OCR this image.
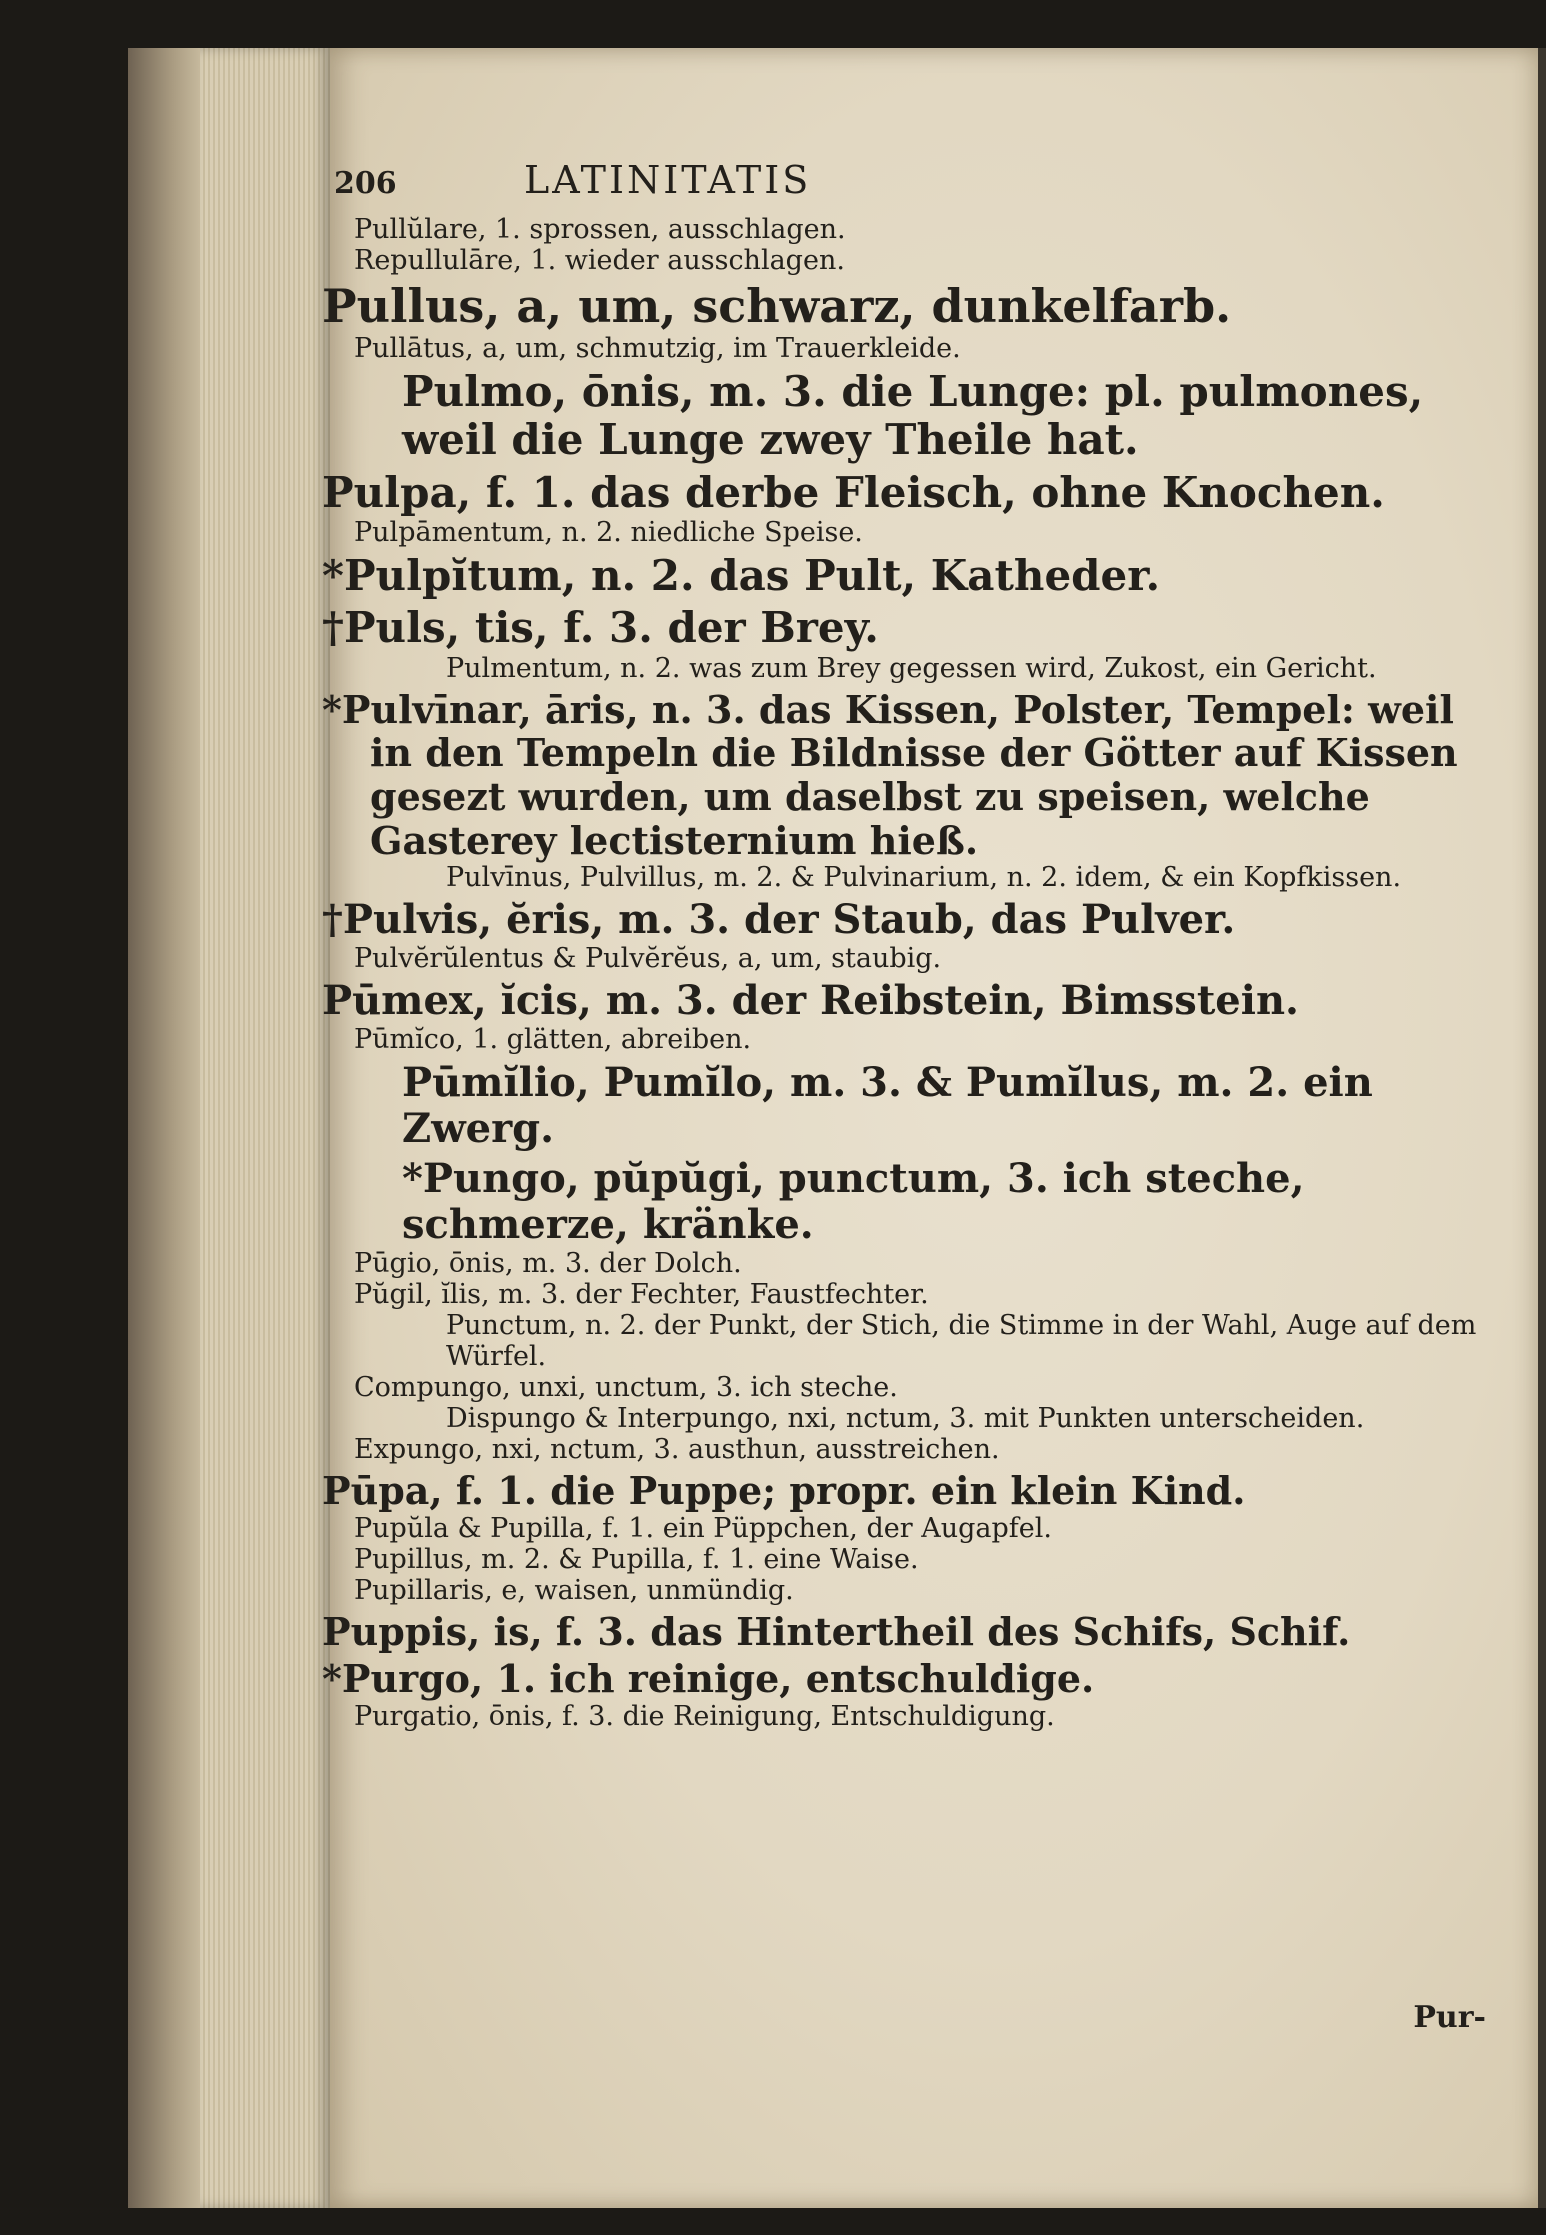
206	LATINITATIS
Pullŭlare, 1. sprossen, ausschlagen.
Repullulāre, 1. wieder ausschlagen.
Pullus, a, um, schwarz, dunkelfarb.
Pullātus, a, um, schmutzig, im Trauerkleide.
Pulmo, ōnis, m. 3. die Lunge: pl. pulmones, weil die Lunge zwey Theile hat.
Pulpa, f. 1. das derbe Fleisch, ohne Knochen.
Pulpāmentum, n. 2. niedliche Speise.
*Pulpĭtum, n. 2. das Pult, Katheder.
†Puls, tis, f. 3. der Brey.
Pulmentum, n. 2. was zum Brey gegessen wird, Zukost, ein Gericht.
*Pulvīnar, āris, n. 3. das Kissen, Polster, Tempel: weil in den Tempeln die Bildnisse der Götter auf Kissen gesezt wurden, um daselbst zu speisen, welche Gasterey lectisternium hieß.
Pulvīnus, Pulvillus, m. 2. & Pulvinarium, n. 2. idem, & ein Kopfkissen.
†Pulvis, ĕris, m. 3. der Staub, das Pulver.
Pulvĕrŭlentus & Pulvĕrĕus, a, um, staubig.
Pūmex, ĭcis, m. 3. der Reibstein, Bimsstein.
Pūmĭco, 1. glätten, abreiben.
Pūmĭlio, Pumĭlo, m. 3. & Pumĭlus, m. 2. ein Zwerg.
*Pungo, pŭpŭgi, punctum, 3. ich steche, schmerze, kränke.
Pūgio, ōnis, m. 3. der Dolch.
Pŭgil, ĭlis, m. 3. der Fechter, Faustfechter.
Punctum, n. 2. der Punkt, der Stich, die Stimme in der Wahl, Auge auf dem Würfel.
Compungo, unxi, unctum, 3. ich steche.
Dispungo & Interpungo, nxi, nctum, 3. mit Punkten unterscheiden.
Expungo, nxi, nctum, 3. austhun, ausstreichen.
Pūpa, f. 1. die Puppe; propr. ein klein Kind.
Pupŭla & Pupilla, f. 1. ein Püppchen, der Augapfel.
Pupillus, m. 2. & Pupilla, f. 1. eine Waise.
Pupillaris, e, waisen, unmündig.
Puppis, is, f. 3. das Hintertheil des Schifs, Schif.
*Purgo, 1. ich reinige, entschuldige.
Purgatio, ōnis, f. 3. die Reinigung, Entschuldigung.
Pur-
